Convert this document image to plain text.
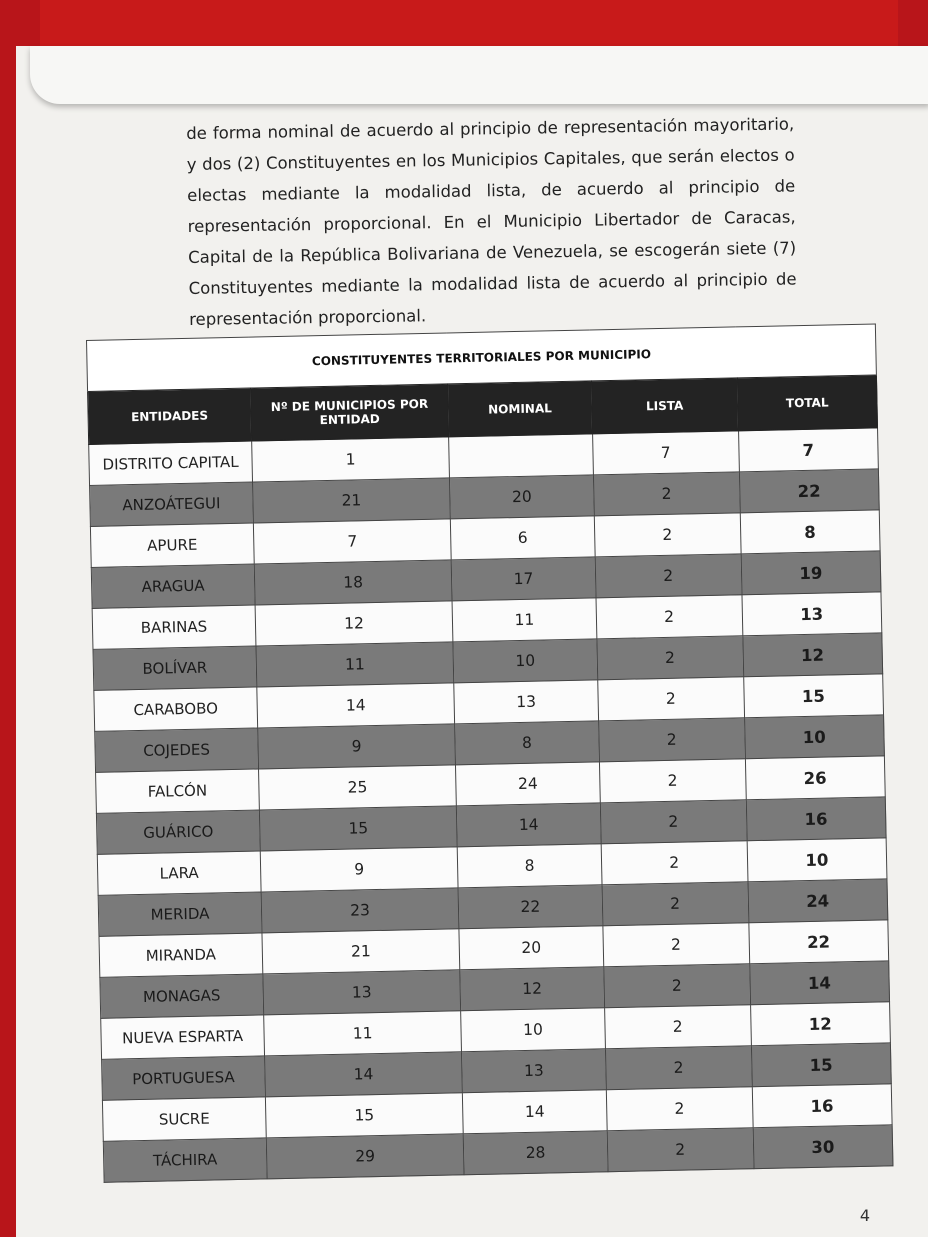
de forma nominal de acuerdo al principio de representación mayoritario, y dos (2) Constituyentes en los Municipios Capitales, que serán electos o electas mediante la modalidad lista, de acuerdo al principio de representación proporcional. En el Municipio Libertador de Caracas, Capital de la República Bolivariana de Venezuela, se escogerán siete (7) Constituyentes mediante la modalidad lista de acuerdo al principio de representación proporcional.

CONSTITUYENTES TERRITORIALES POR MUNICIPIO				
ENTIDADES	Nº DE MUNICIPIOS POR ENTIDAD	NOMINAL	LISTA	TOTAL
DISTRITO CAPITAL	1		7	7
ANZOÁTEGUI	21	20	2	22
APURE	7	6	2	8
ARAGUA	18	17	2	19
BARINAS	12	11	2	13
BOLÍVAR	11	10	2	12
CARABOBO	14	13	2	15
COJEDES	9	8	2	10
FALCÓN	25	24	2	26
GUÁRICO	15	14	2	16
LARA	9	8	2	10
MERIDA	23	22	2	24
MIRANDA	21	20	2	22
MONAGAS	13	12	2	14
NUEVA ESPARTA	11	10	2	12
PORTUGUESA	14	13	2	15
SUCRE	15	14	2	16
TÁCHIRA	29	28	2	30
4
